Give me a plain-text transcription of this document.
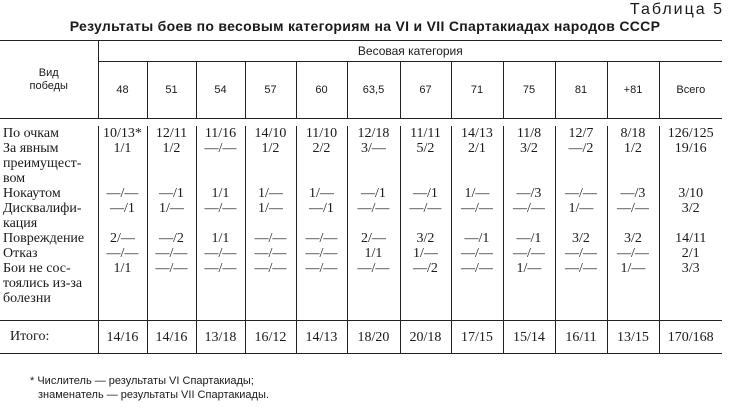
Таблица 5
Результаты боев по весовым категориям на VI и VII Спартакиадах народов СССР
Вид
победы	Весовая категория											
	48	51	54	57	60	63,5	67	71	75	81	+81	Всего

По очкам	10/13*	12/11	11/16	14/10	11/10	12/18	11/11	14/13	11/8	12/7	8/18	126/125

За явным
преимущест-
вом	1/1	1/2	—/—	1/2	2/2	3/—	5/2	2/1	3/2	—/2	1/2	19/16

Нокаутом	—/—	—/1	1/1	1/—	1/—	—/1	—/1	1/—	—/3	—/—	—/3	3/10

Дисквалифи-
кация	—/1	1/—	—/—	1/—	—/1	—/—	—/—	—/—	—/—	1/—	—/—	3/2

Повреждение	2/—	—/2	1/1	—/—	—/—	2/—	3/2	—/1	—/1	3/2	3/2	14/11

Отказ	—/—	—/—	—/—	—/—	—/—	1/1	1/—	—/—	—/—	—/—	—/—	2/1

Бои не сос-
тоялись из-за
болезни	1/1	—/—	—/—	—/—	—/—	—/—	—/2	—/—	1/—	—/—	1/—	3/3

Итого:	14/16	14/16	13/18	16/12	14/13	18/20	20/18	17/15	15/14	16/11	13/15	170/168
* Числитель — результаты VI Спартакиады;
знаменатель — результаты VII Спартакиады.
